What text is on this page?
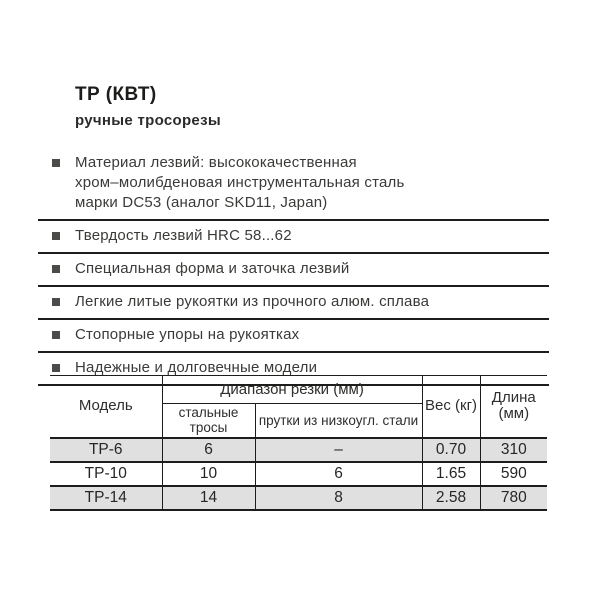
ТР (КВТ)
ручные тросорезы
Материал лезвий: высококачественная
хром–молибденовая инструментальная сталь
марки DC53 (аналог SKD11, Japan)
Твердость лезвий HRC 58...62
Специальная форма и заточка лезвий
Легкие литые рукоятки из прочного алюм. сплава
Стопорные упоры на рукоятках
Надежные и долговечные модели
Модель	Диапазон резки (мм)		Вес (кг)	Длина (мм)
	стальные тросы	прутки из низкоугл. стали		
ТР-6	6	–	0.70	310
ТР-10	10	6	1.65	590
ТР-14	14	8	2.58	780
